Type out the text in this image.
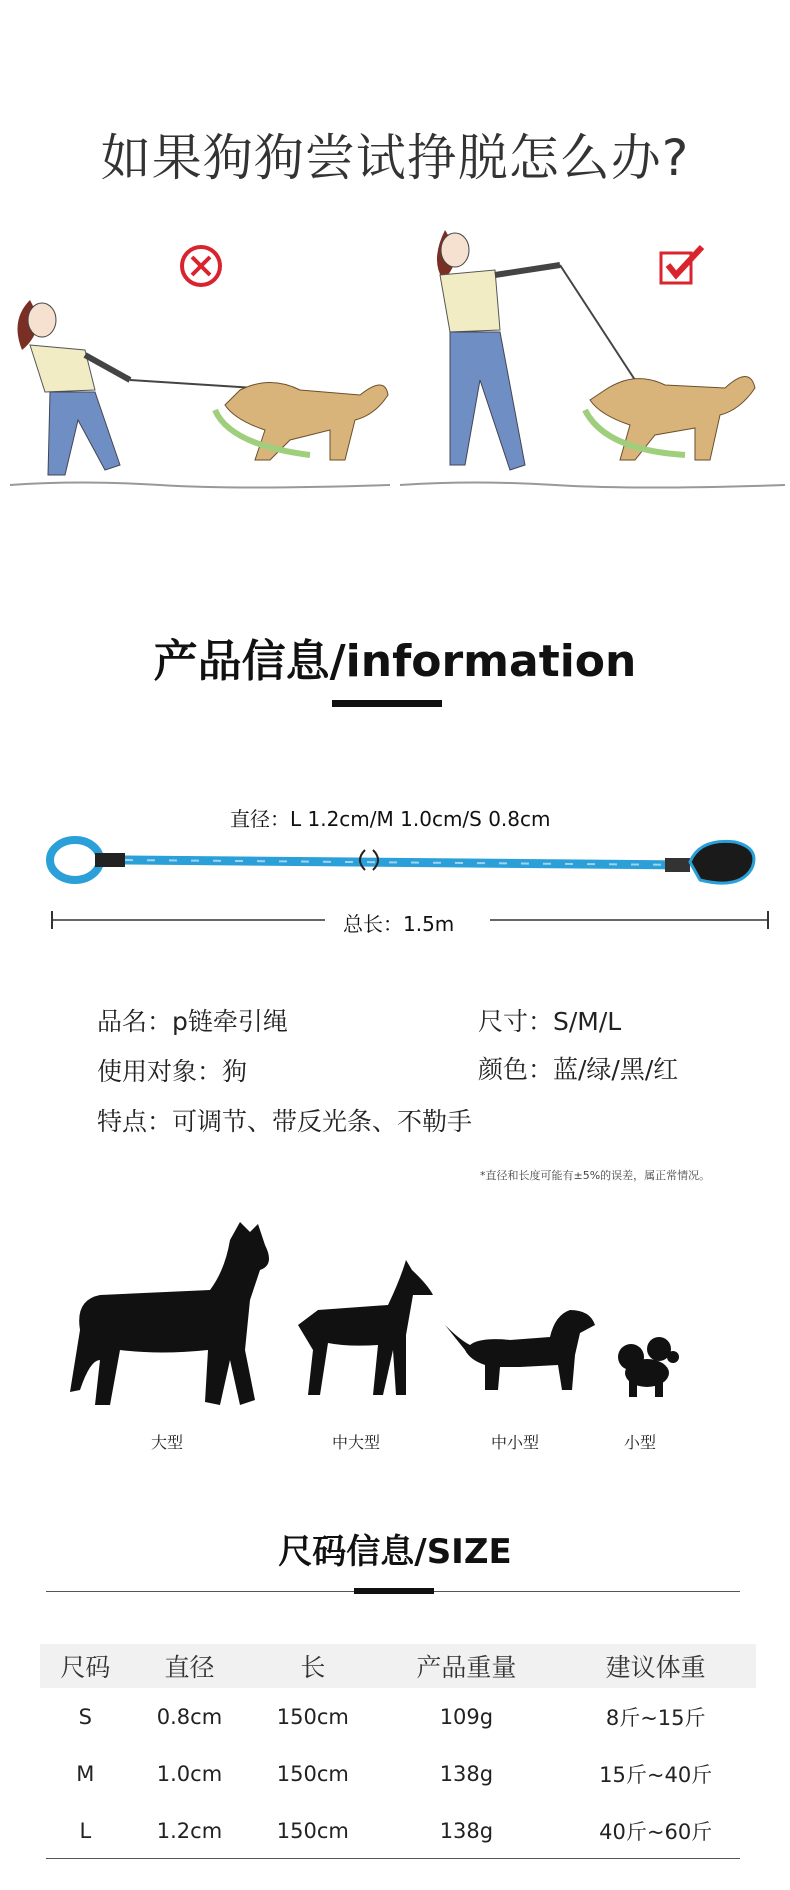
如果狗狗尝试挣脱怎么办?
产品信息/information
直径：L 1.2cm/M 1.0cm/S 0.8cm
总长：1.5m
品名：p链牵引绳	尺寸：S/M/L
使用对象：狗	颜色：蓝/绿/黑/红
特点：可调节、带反光条、不勒手
*直径和长度可能有±5%的误差，属正常情况。
大型	中大型	中小型	小型
尺码信息/SIZE
尺码	直径	长	产品重量	建议体重
S	0.8cm	150cm	109g	8斤~15斤
M	1.0cm	150cm	138g	15斤~40斤
L	1.2cm	150cm	138g	40斤~60斤
